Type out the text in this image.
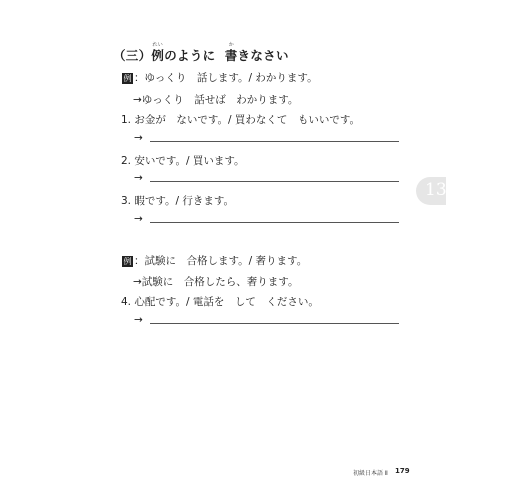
（三）
れい
例のように
か
書きなさい
例 ：ゆっくり　話します。/ わかります。
→ゆっくり　話せば　わかります。
1. お金が　ないです。/ 買わなくて　もいいです。
→
2. 安いです。/ 買います。
→
3. 暇です。/ 行きます。
→
例 ：試験に　合格します。/ 奢ります。
→試験に　合格したら、奢ります。
4. 心配です。/ 電話を　して　ください。
→
13
初級日本語 Ⅱ 179
